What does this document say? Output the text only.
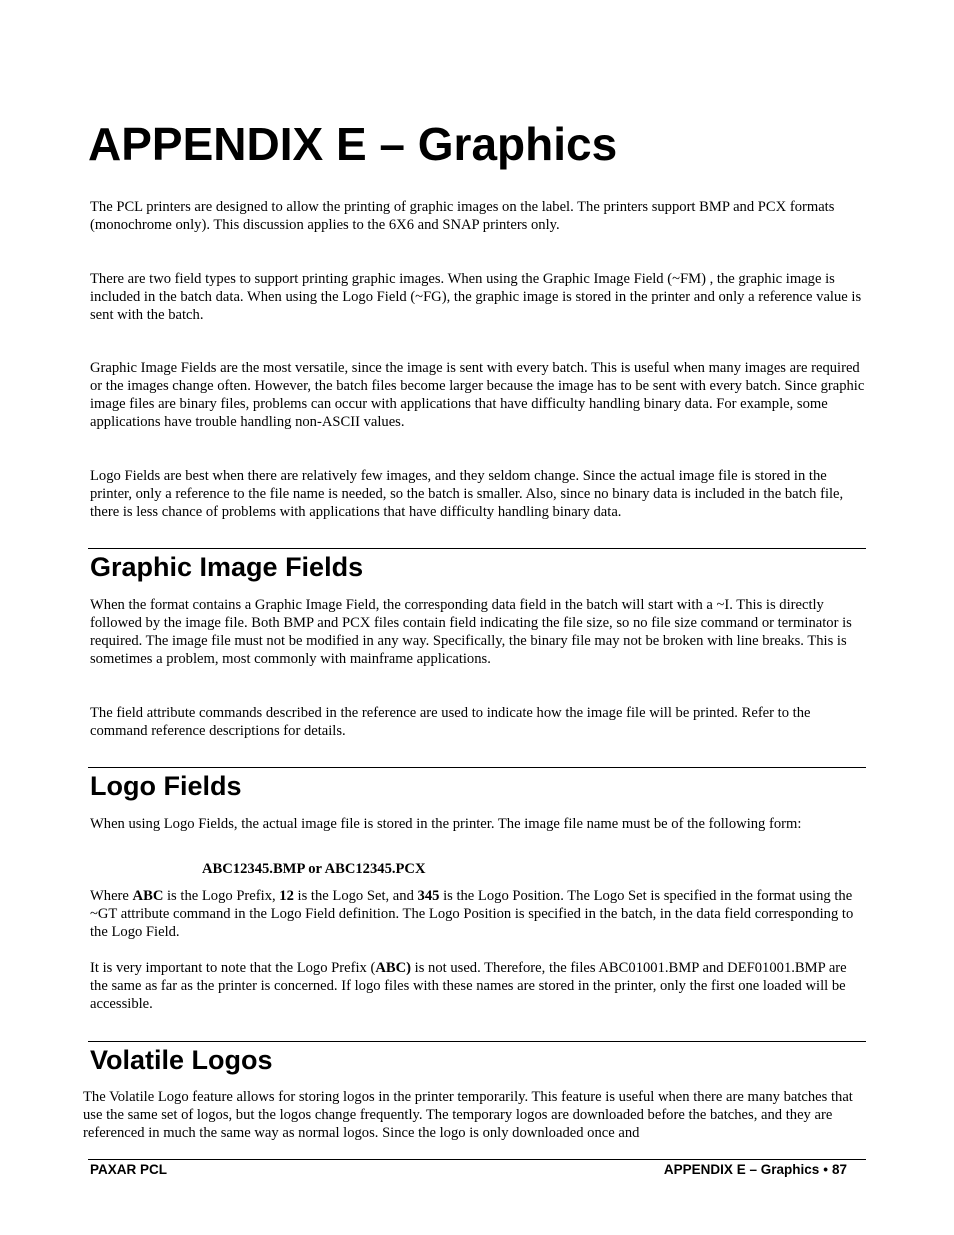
APPENDIX E – Graphics

The PCL printers are designed to allow the printing of graphic images on the label. The printers support BMP and PCX formats (monochrome only). This discussion applies to the 6X6 and SNAP printers only.

There are two field types to support printing graphic images. When using the Graphic Image Field (~FM) , the graphic image is included in the batch data. When using the Logo Field (~FG), the graphic image is stored in the printer and only a reference value is sent with the batch.

Graphic Image Fields are the most versatile, since the image is sent with every batch. This is useful when many images are required or the images change often. However, the batch files become larger because the image has to be sent with every batch. Since graphic image files are binary files, problems can occur with applications that have difficulty handling binary data. For example, some applications have trouble handling non-ASCII values.

Logo Fields are best when there are relatively few images, and they seldom change. Since the actual image file is stored in the printer, only a reference to the file name is needed, so the batch is smaller. Also, since no binary data is included in the batch file, there is less chance of problems with applications that have difficulty handling binary data.

Graphic Image Fields

When the format contains a Graphic Image Field, the corresponding data field in the batch will start with a ~I. This is directly followed by the image file. Both BMP and PCX files contain field indicating the file size, so no file size command or terminator is required. The image file must not be modified in any way. Specifically, the binary file may not be broken with line breaks. This is sometimes a problem, most commonly with mainframe applications.

The field attribute commands described in the reference are used to indicate how the image file will be printed. Refer to the command reference descriptions for details.

Logo Fields

When using Logo Fields, the actual image file is stored in the printer. The image file name must be of the following form:

ABC12345.BMP or ABC12345.PCX

Where ABC is the Logo Prefix, 12 is the Logo Set, and 345 is the Logo Position. The Logo Set is specified in the format using the ~GT attribute command in the Logo Field definition. The Logo Position is specified in the batch, in the data field corresponding to the Logo Field.

It is very important to note that the Logo Prefix (ABC) is not used. Therefore, the files ABC01001.BMP and DEF01001.BMP are the same as far as the printer is concerned. If logo files with these names are stored in the printer, only the first one loaded will be accessible.

Volatile Logos

The Volatile Logo feature allows for storing logos in the printer temporarily. This feature is useful when there are many batches that use the same set of logos, but the logos change frequently. The temporary logos are downloaded before the batches, and they are referenced in much the same way as normal logos. Since the logo is only downloaded once and

PAXAR PCL	APPENDIX E – Graphics • 87
